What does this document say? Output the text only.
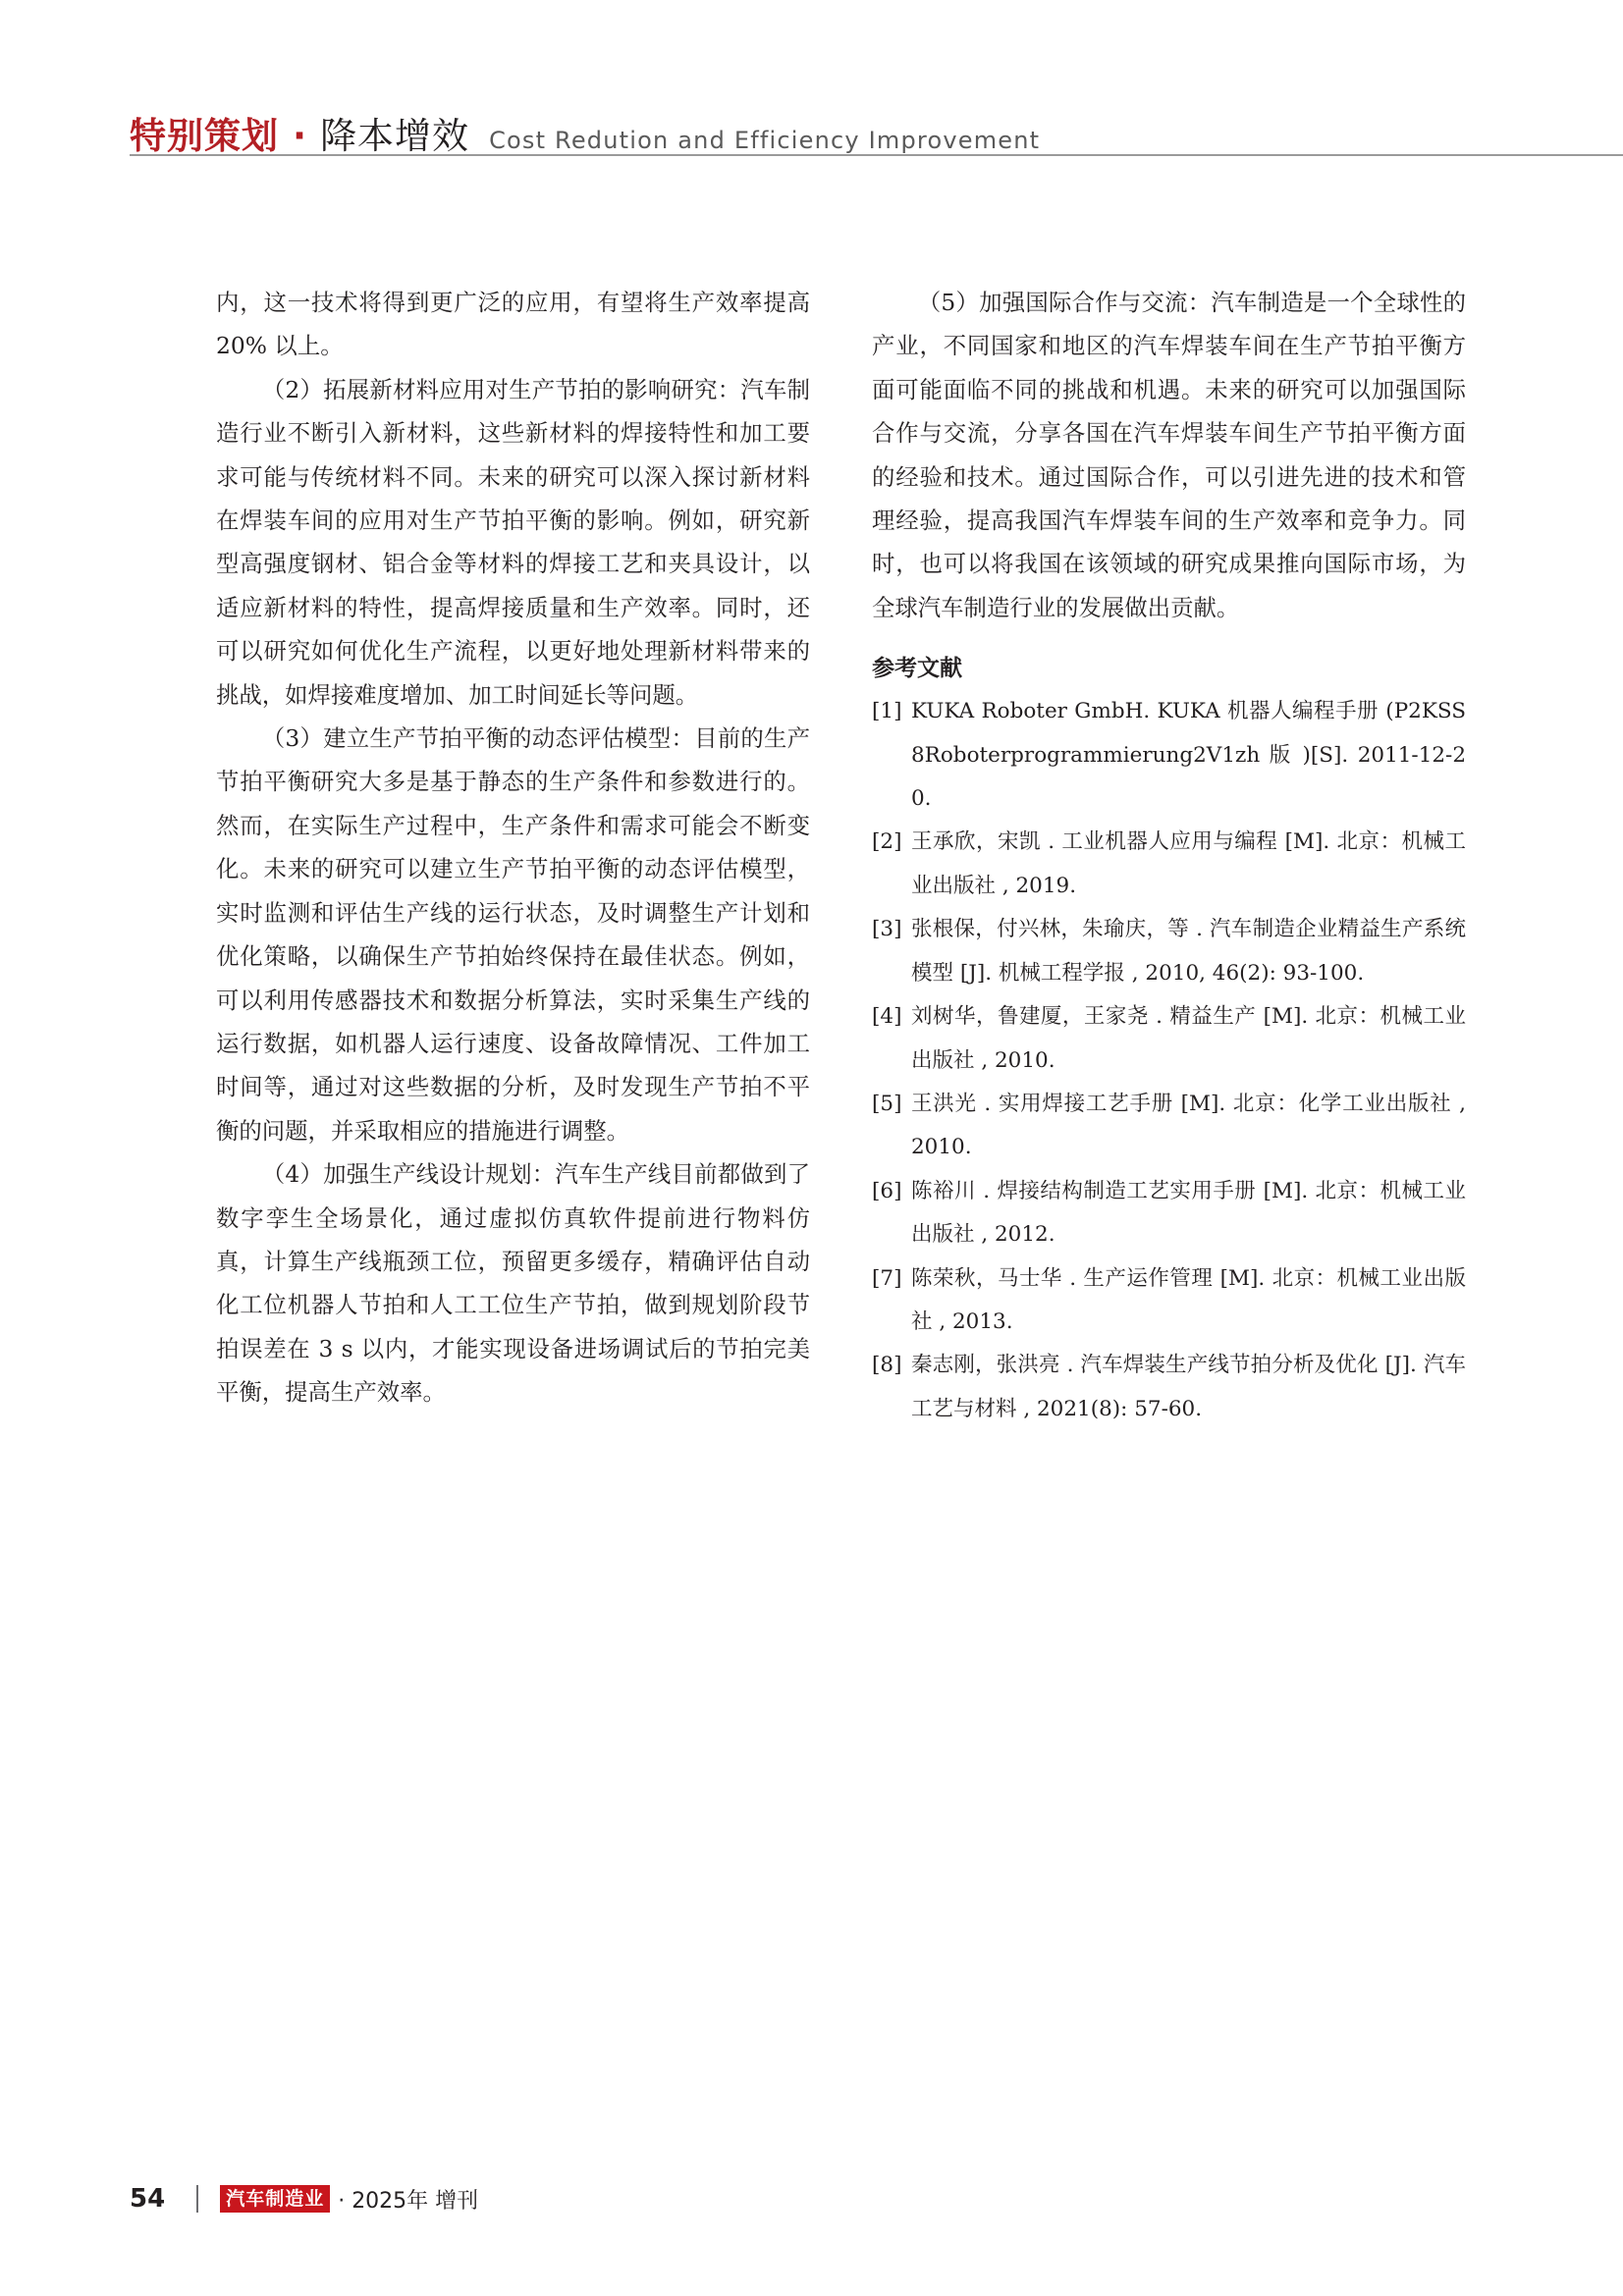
特别策划 · 降本增效 Cost Redution and Efficiency Improvement

内，这一技术将得到更广泛的应用，有望将生产效率提高 20% 以上。

（2）拓展新材料应用对生产节拍的影响研究：汽车制造行业不断引入新材料，这些新材料的焊接特性和加工要求可能与传统材料不同。未来的研究可以深入探讨新材料在焊装车间的应用对生产节拍平衡的影响。例如，研究新型高强度钢材、铝合金等材料的焊接工艺和夹具设计，以适应新材料的特性，提高焊接质量和生产效率。同时，还可以研究如何优化生产流程，以更好地处理新材料带来的挑战，如焊接难度增加、加工时间延长等问题。

（3）建立生产节拍平衡的动态评估模型：目前的生产节拍平衡研究大多是基于静态的生产条件和参数进行的。然而，在实际生产过程中，生产条件和需求可能会不断变化。未来的研究可以建立生产节拍平衡的动态评估模型，实时监测和评估生产线的运行状态，及时调整生产计划和优化策略，以确保生产节拍始终保持在最佳状态。例如，可以利用传感器技术和数据分析算法，实时采集生产线的运行数据，如机器人运行速度、设备故障情况、工件加工时间等，通过对这些数据的分析，及时发现生产节拍不平衡的问题，并采取相应的措施进行调整。

（4）加强生产线设计规划：汽车生产线目前都做到了数字孪生全场景化，通过虚拟仿真软件提前进行物料仿真，计算生产线瓶颈工位，预留更多缓存，精确评估自动化工位机器人节拍和人工工位生产节拍，做到规划阶段节拍误差在 3 s 以内，才能实现设备进场调试后的节拍完美平衡，提高生产效率。

（5）加强国际合作与交流：汽车制造是一个全球性的产业，不同国家和地区的汽车焊装车间在生产节拍平衡方面可能面临不同的挑战和机遇。未来的研究可以加强国际合作与交流，分享各国在汽车焊装车间生产节拍平衡方面的经验和技术。通过国际合作，可以引进先进的技术和管理经验，提高我国汽车焊装车间的生产效率和竞争力。同时，也可以将我国在该领域的研究成果推向国际市场，为全球汽车制造行业的发展做出贡献。

参考文献
[1] KUKA Roboter GmbH. KUKA 机器人编程手册 (P2KSS8Roboterprogrammierung2V1zh 版 )[S]. 2011-12-20.
[2] 王承欣，宋凯 . 工业机器人应用与编程 [M]. 北京：机械工业出版社 , 2019.
[3] 张根保，付兴林，朱瑜庆，等 . 汽车制造企业精益生产系统模型 [J]. 机械工程学报 , 2010, 46(2): 93-100.
[4] 刘树华，鲁建厦，王家尧 . 精益生产 [M]. 北京：机械工业出版社 , 2010.
[5] 王洪光 . 实用焊接工艺手册 [M]. 北京：化学工业出版社 , 2010.
[6] 陈裕川 . 焊接结构制造工艺实用手册 [M]. 北京：机械工业出版社 , 2012.
[7] 陈荣秋，马士华 . 生产运作管理 [M]. 北京：机械工业出版社 , 2013.
[8] 秦志刚，张洪亮 . 汽车焊装生产线节拍分析及优化 [J]. 汽车工艺与材料 , 2021(8): 57-60.
54	汽车制造业 · 2025年 增刊
